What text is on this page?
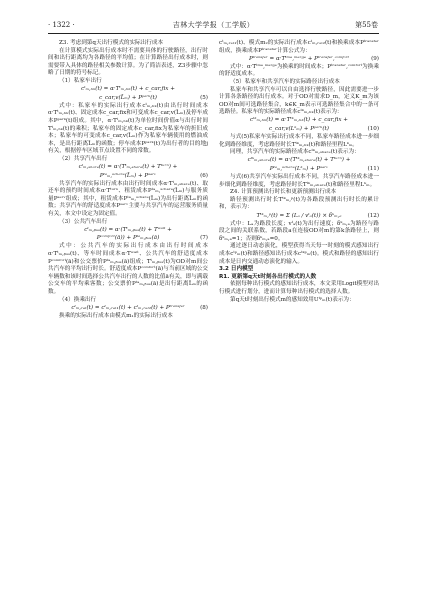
· 1322 ·	吉林大学学报（工学版）	第55卷
Z3. 考虑到第q天出行模式的实际出行成本
在计算模式实际出行成本时不需要具体的行驶路径，出行时间和出行距离均为各路径的平均值；在计算路径出行成本时，则需要带入具体的路径相关参数计算。为了简洁表述，Z3步骤中忽略了日期的符号标记。
（1）私家车出行
cᵗₘ,ₕₖ(t) = α·Tᵗₘ,ₕₖ(t) + c_car,fix +
c_car,v(L̄ₘ) + Pᵖᵃʳᵏ(t)	(5)
式中：私家车的实际出行成本cᵗₘ,ₕₖ(t)由出行时间成本α·Tᵗₘ,ₕₖ(t)、固定成本c_car,fix和可变成本c_car,v(L̄ₘ)及停车成本Pᵖᵃʳᵏ(t)组成。其中，α·Tᵗₘ,ₕₖ(t)为单位时间价值α与出行时间Tᵗₘ,ₕₖ(t)的乘积；私家车的固定成本c_car,fix为私家车的折旧成本；私家车的可变成本c_car,v(L̄ₘ)作为私家车辆使用的燃油成本，是出行距离L̄ₘ的函数；停车成本Pᵖᵃʳᵏ(t)为出行者的目的地j有关，根据停车区域节点设置不同的常数。
（2）共享汽车出行
cᵗₘ,ₛₕₐᵣₑ(t) = α·(Tᵗₘ,ₛₕₐᵣₑ(t) + Tᵗᵘʳⁿ) +
Pᵗᵃₘ,ˢᶜʰᵃʳᵉ(L̄ₘ) + Pˢᵉʳᵛ	(6)
共享汽车的实际出行成本由出行时间成本α·Tᵗₘ,ₛₕₐᵣₑ(t)、取还车的预约时间成本α·Tᵗᵘʳⁿ、租赁成本Pᵗᵃₘ,ˢᶜʰᵃʳᵉ(L̄ₘ)与服务质量Pˢᵉʳᵛ组成；其中，租赁成本Pᵗᵃₘ,ˢᶜʰᵃʳᵉ(L̄ₘ)为出行距离L̄ₘ的函数；共享汽车的舒适度成本Pˢᵉʳᵛ主要与共享汽车的运营服务质量有关，本文中设定为固定值。
（3）公共汽车出行
cᵗₘ,ᵦᵤₛ(t) = α·(Tᵗₘ,ᵦᵤₛ(t) + Tʷᵃⁱᵗ +
Pᶜᵒᵐᶠᵒʳᵗ(ā)) + Pᵗᵃₘ,ᵦᵤₛ(ā)	(7)
式中：公共汽车的实际出行成本由出行时间成本α·Tᵗₘ,ᵦᵤₛ(t)、等车时间成本α·Tʷᵃⁱᵗ、公共汽车的舒适度成本Pᶜᵒᵐᶠᵒʳᵗ(ā)和公交票价Pᵗᵃₘ,ᵦᵤₛ(ā)组成；Tᵗₘ,ᵦᵤₛ(t)为OD对m间公共汽车的平均出行时长。舒适度成本Pᶜᵒᵐᶠᵒʳᵗ(ā)与当前区域的公交车辆数和该时间选择公共汽车出行的人数的比值ā有关，即与满载公交车的平均乘客数；公交票价Pᵗᵃₘ,ᵦᵤₛ(ā)是出行距离L̄ₘ的函数。
（4）换乘出行
cᵗₘ,ᵣₑₗ(t) = cᵗₘ,ᵣₑₗ₁(t) + cᵗₘ,ᵣₑₗ₂(t) + Pᵗʳᵃⁿˢᶠᵉʳ	(8)
换乘的实际出行成本由模式m₁的实际出行成本
cᵗₘ,ᵣₑₗ₁(t)、模式m₂的实际出行成本cᵗₘ,ᵣₑₗ₂(t)和换乘成本Pᵗʳᵃⁿˢᶠᵉʳ组成，换乘成本Pᵗʳᵃⁿˢᶠᵉʳ计算公式为：
Pᵗʳᵃⁿˢᶠᵉʳ = α·Tᵗᵐᵉ,ᵐᵉʳᵍᵉ + Pᵗʳᵃⁿˢᶠᵉʳ,ᶜᵒᵐᶠᵒʳᵗ	(9)
式中：α·Tᵗᵐᵉ,ᵐᵉʳᵍᵉ为换乘的时间成本；Pᵗʳᵃⁿˢᶠᵉʳ,ᶜᵒᵐᶠᵒʳᵗ为换乘的舒适度成本。
（5）私家车和共享汽车的实际路径出行成本
私家车和共享汽车可以自由选择行驶路径，因此需要进一步计算各条路径的出行成本。对于OD对需求D_m，定义K_m为该OD对m间可选路径集合，k∈K_m表示可选路径集合中的一条可选路径。私家车的实际路径成本cᵗᵏₘ,ₕₖ(t)表示为：
cᵗᵏₘ,ₕₖ(t) = α·Tᵗᵏₘ,ₕₖ(t) + c_car,fix +
c_car,v(Lᵏₘ) + Pᵖᵃʳᵏ(t)	(10)
与式(5)私家车实际出行成本不同，私家车路径成本进一步细化到路径维度，考虑路径时长Tᵗᵏₘ,ₕₖ(t)和路径里程Lᵏₘ。
同理，共享汽车的实际路径成本cᵗᵏₘ,ₛₕₐᵣₑ(t)表示为：
cᵗᵏₘ,ₛₕₐᵣₑ(t) = α·(Tᵗᵏₘ,ₛₕₐᵣₑ(t) + Tᵗᵘʳⁿ) +
Pᵗᵃₘ,ˢᶜʰᵃʳᵉ(Lᵏₘ) + Pˢᵉʳᵛ	(11)
与式(6)共享汽车实际出行成本不同，共享汽车路径成本进一步细化到路径维度，考虑路径时长Tᵗᵏₘ,ₛₕₐᵣₑ(t)和路径里程Lᵏₘ。
Z4. 计算预测出行时长和更新预测出行成本
路径预测出行时长Tᵗᵏₘ,ᵖ(t)为各路段预测出行时长的累计和，表示为：
Tᵗᵏₘ,ᵖ(t) = Σ (Lₐ / vᵗₐ(t)) × δᵏₘ,ₐ	(12)
式中：Lₐ为路段长度；vᵗₐ(t)为出行速度；δᵏₘ,ₐ为路径与路段之间的关联系数，若路段a在连接OD对m的第k条路径上，则δᵏₘ,ₐ=1；否则δᵏₘ,ₐ=0。
通过逐日动态演化，模型获得当天每一时刻的模式感知出行成本cᵗᵖₘ(t)和路径感知出行成本cᵗᵏᵖₘ(t)。模式和路径的感知出行成本是日内交通动态演化的输入。
3.2 日内模型
R1. 更新第q天t时刻各出行模式的人数
依据每种出行模式的感知出行成本，本文采用Logit模型对出行模式进行划分，进而计算每种出行模式的选择人数。
第q天t时刻出行模式m的感知效用Uᵗᵖₘ(t)表示为：
